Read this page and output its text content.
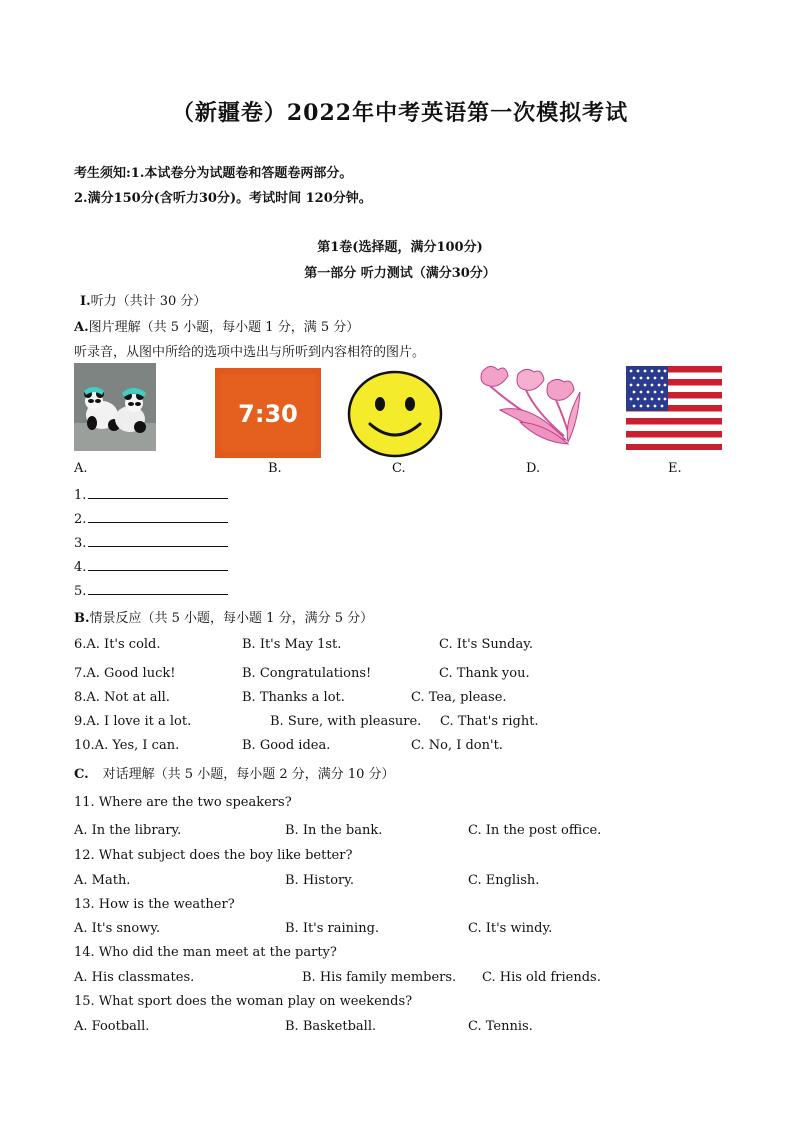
（新疆卷）2022年中考英语第一次模拟考试
考生须知:1.本试卷分为试题卷和答题卷两部分。
2.满分150分(含听力30分)。考试时间 120分钟。
第1卷(选择题，满分100分)
第一部分 听力测试（满分30分）
I.听力（共计 30 分）
A.图片理解（共 5 小题，每小题 1 分，满 5 分）
听录音，从图中所给的选项中选出与所听到内容相符的图片。
7:30
A.	B.	C.	D.	E.
1.
2.
3.
4.
5.
B.情景反应（共 5 小题，每小题 1 分，满分 5 分）
6.A. It's cold.	B. It's May 1st.	C. It's Sunday.
7.A. Good luck!	B. Congratulations!	C. Thank you.
8.A. Not at all.	B. Thanks a lot.	C. Tea, please.
9.A. I love it a lot.	B. Sure, with pleasure. C. That's right.
10.A. Yes, I can.	B. Good idea.	C. No, I don't.
C. 对话理解（共 5 小题，每小题 2 分，满分 10 分）
11. Where are the two speakers?
A. In the library.	B. In the bank.	C. In the post office.
12. What subject does the boy like better?
A. Math.	B. History.	C. English.
13. How is the weather?
A. It's snowy.	B. It's raining.	C. It's windy.
14. Who did the man meet at the party?
A. His classmates.	B. His family members. C. His old friends.
15. What sport does the woman play on weekends?
A. Football.	B. Basketball.	C. Tennis.
